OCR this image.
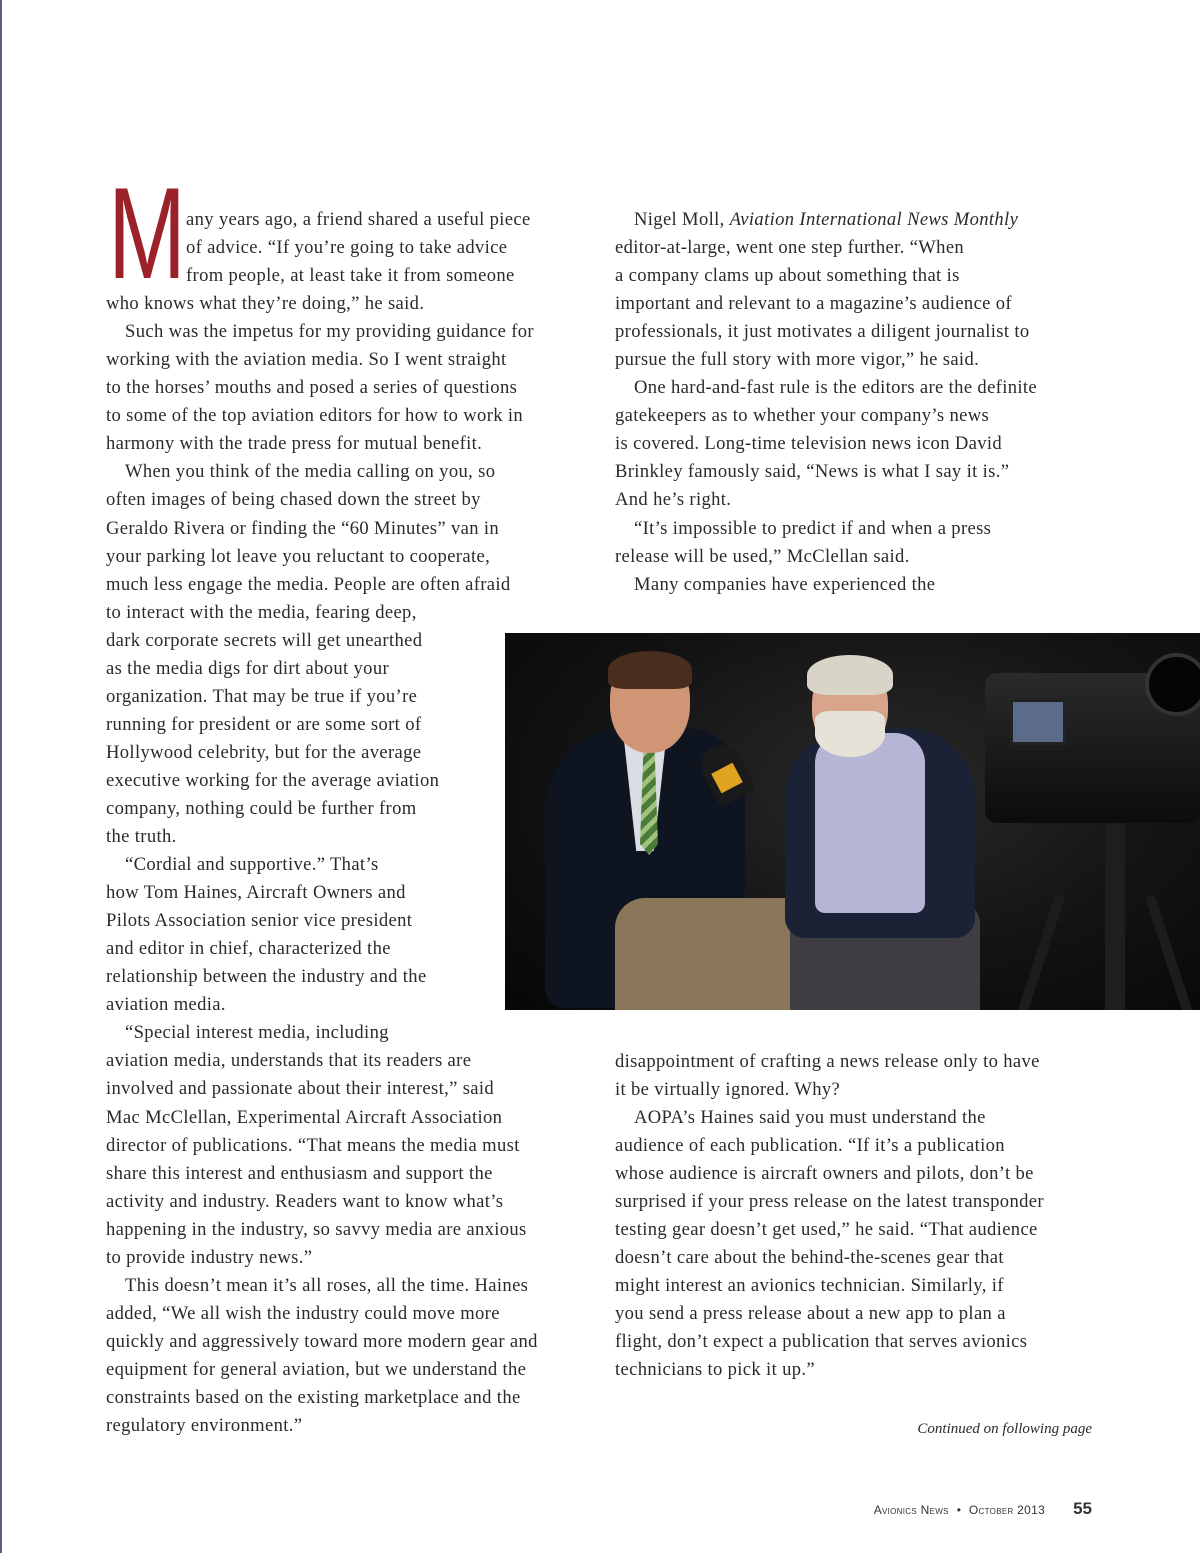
M any years ago, a friend shared a useful piece
of advice. “If you’re going to take advice
from people, at least take it from someone
who knows what they’re doing,” he said.
Such was the impetus for my providing guidance for
working with the aviation media. So I went straight
to the horses’ mouths and posed a series of questions
to some of the top aviation editors for how to work in
harmony with the trade press for mutual benefit.
When you think of the media calling on you, so
often images of being chased down the street by
Geraldo Rivera or finding the “60 Minutes” van in
your parking lot leave you reluctant to cooperate,
much less engage the media. People are often afraid
to interact with the media, fearing deep,
dark corporate secrets will get unearthed
as the media digs for dirt about your
organization. That may be true if you’re
running for president or are some sort of
Hollywood celebrity, but for the average
executive working for the average aviation
company, nothing could be further from
the truth.
“Cordial and supportive.” That’s
how Tom Haines, Aircraft Owners and
Pilots Association senior vice president
and editor in chief, characterized the
relationship between the industry and the
aviation media.
“Special interest media, including
aviation media, understands that its readers are
involved and passionate about their interest,” said
Mac McClellan, Experimental Aircraft Association
director of publications. “That means the media must
share this interest and enthusiasm and support the
activity and industry. Readers want to know what’s
happening in the industry, so savvy media are anxious
to provide industry news.”
This doesn’t mean it’s all roses, all the time. Haines
added, “We all wish the industry could move more
quickly and aggressively toward more modern gear and
equipment for general aviation, but we understand the
constraints based on the existing marketplace and the
regulatory environment.”
Nigel Moll, Aviation International News Monthly
editor-at-large, went one step further. “When
a company clams up about something that is
important and relevant to a magazine’s audience of
professionals, it just motivates a diligent journalist to
pursue the full story with more vigor,” he said.
One hard-and-fast rule is the editors are the definite
gatekeepers as to whether your company’s news
is covered. Long-time television news icon David
Brinkley famously said, “News is what I say it is.”
And he’s right.
“It’s impossible to predict if and when a press
release will be used,” McClellan said.
Many companies have experienced the
disappointment of crafting a news release only to have
it be virtually ignored. Why?
AOPA’s Haines said you must understand the
audience of each publication. “If it’s a publication
whose audience is aircraft owners and pilots, don’t be
surprised if your press release on the latest transponder
testing gear doesn’t get used,” he said. “That audience
doesn’t care about the behind-the-scenes gear that
might interest an avionics technician. Similarly, if
you send a press release about a new app to plan a
flight, don’t expect a publication that serves avionics
technicians to pick it up.”
Continued on following page
Avionics News • October 2013 55
